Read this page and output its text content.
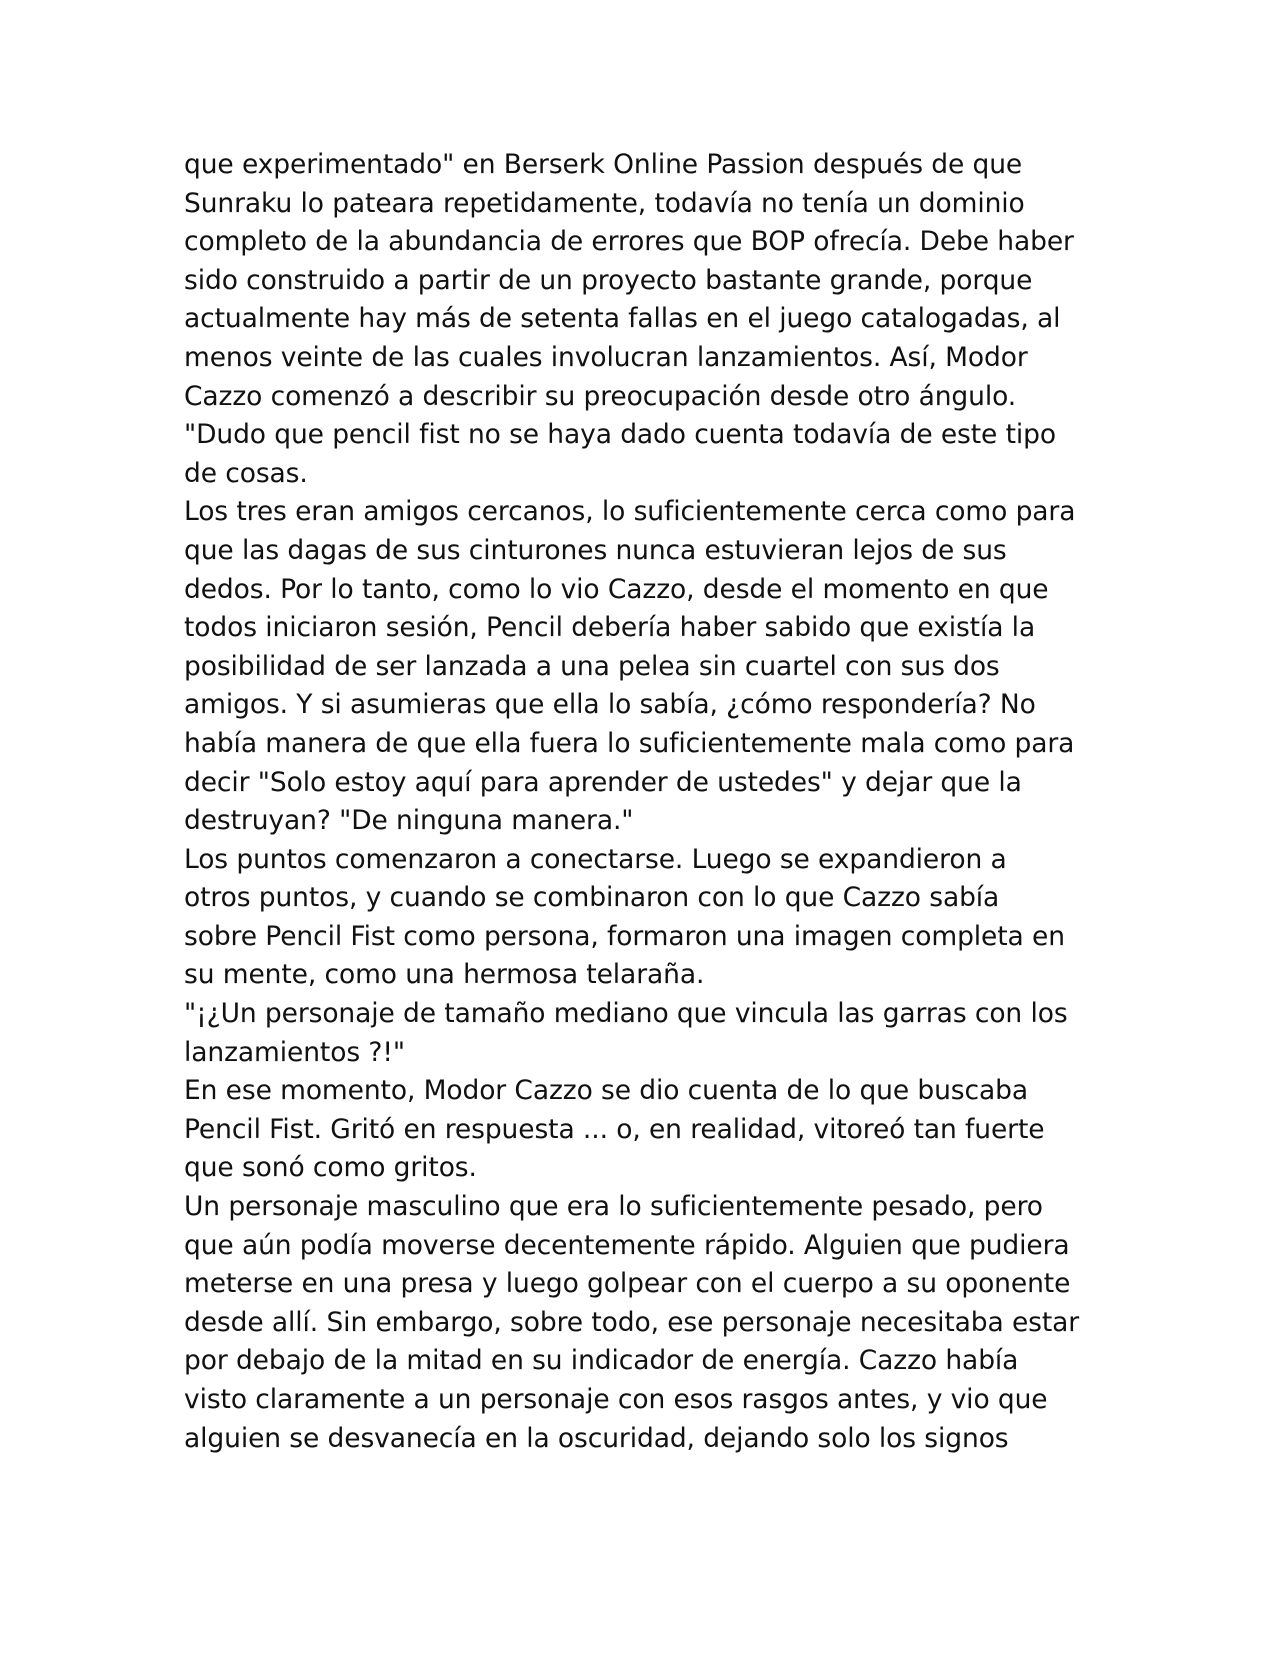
que experimentado" en Berserk Online Passion después de que
Sunraku lo pateara repetidamente, todavía no tenía un dominio
completo de la abundancia de errores que BOP ofrecía. Debe haber
sido construido a partir de un proyecto bastante grande, porque
actualmente hay más de setenta fallas en el juego catalogadas, al
menos veinte de las cuales involucran lanzamientos. Así, Modor
Cazzo comenzó a describir su preocupación desde otro ángulo.
"Dudo que pencil fist no se haya dado cuenta todavía de este tipo
de cosas.
Los tres eran amigos cercanos, lo suficientemente cerca como para
que las dagas de sus cinturones nunca estuvieran lejos de sus
dedos. Por lo tanto, como lo vio Cazzo, desde el momento en que
todos iniciaron sesión, Pencil debería haber sabido que existía la
posibilidad de ser lanzada a una pelea sin cuartel con sus dos
amigos. Y si asumieras que ella lo sabía, ¿cómo respondería? No
había manera de que ella fuera lo suficientemente mala como para
decir "Solo estoy aquí para aprender de ustedes" y dejar que la
destruyan? "De ninguna manera."
Los puntos comenzaron a conectarse. Luego se expandieron a
otros puntos, y cuando se combinaron con lo que Cazzo sabía
sobre Pencil Fist como persona, formaron una imagen completa en
su mente, como una hermosa telaraña.
"¡¿Un personaje de tamaño mediano que vincula las garras con los
lanzamientos ?!"
En ese momento, Modor Cazzo se dio cuenta de lo que buscaba
Pencil Fist. Gritó en respuesta ... o, en realidad, vitoreó tan fuerte
que sonó como gritos.
Un personaje masculino que era lo suficientemente pesado, pero
que aún podía moverse decentemente rápido. Alguien que pudiera
meterse en una presa y luego golpear con el cuerpo a su oponente
desde allí. Sin embargo, sobre todo, ese personaje necesitaba estar
por debajo de la mitad en su indicador de energía. Cazzo había
visto claramente a un personaje con esos rasgos antes, y vio que
alguien se desvanecía en la oscuridad, dejando solo los signos
